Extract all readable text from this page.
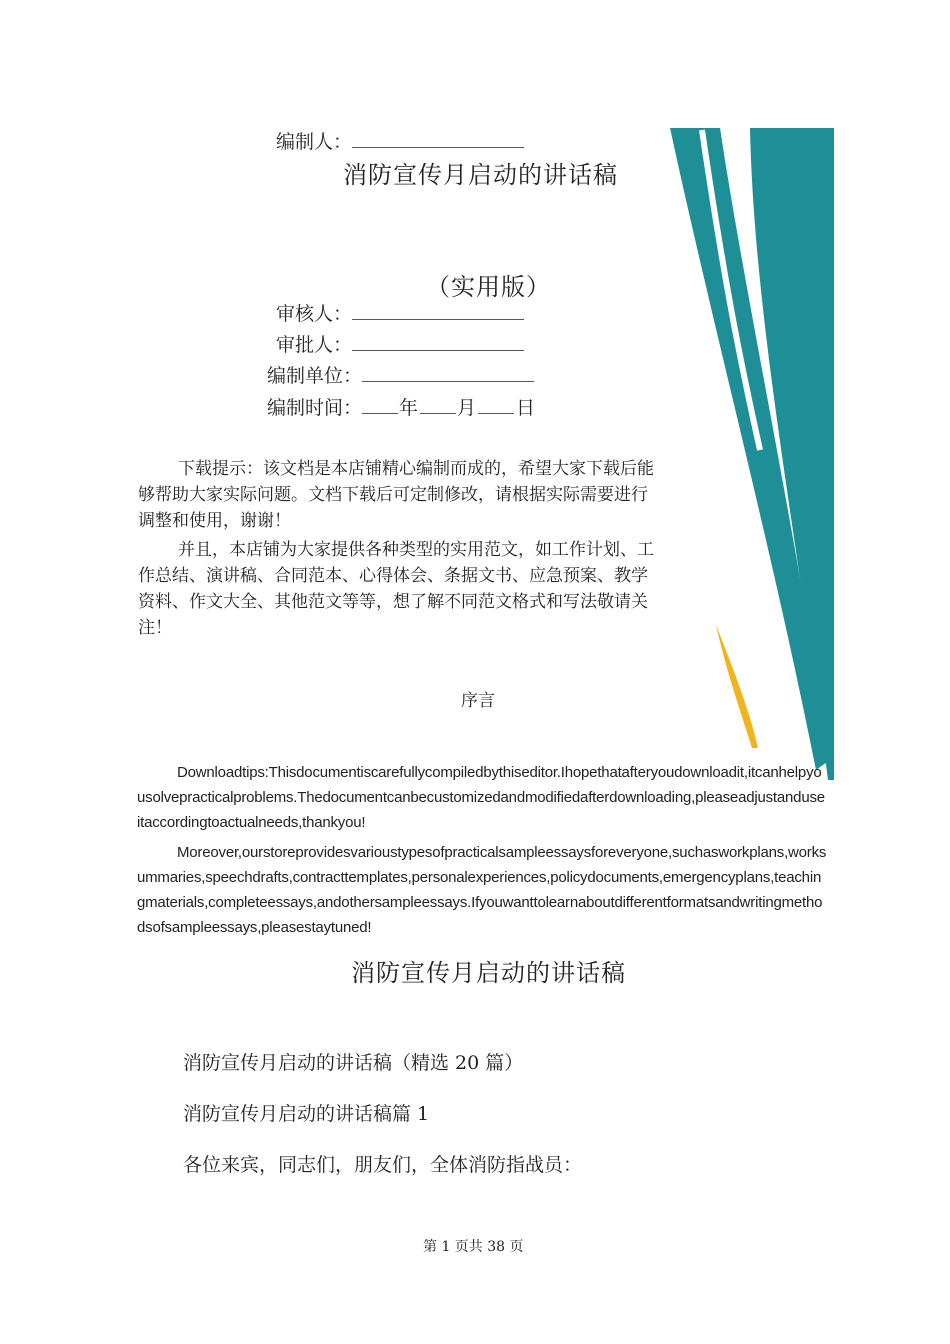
编制人：
消防宣传月启动的讲话稿
（实用版）
审核人：
审批人：
编制单位：
编制时间： 年 月 日
下载提示：该文档是本店铺精心编制而成的，希望大家下载后能够帮助大家实际问题。文档下载后可定制修改，请根据实际需要进行调整和使用，谢谢！
并且，本店铺为大家提供各种类型的实用范文，如工作计划、工作总结、演讲稿、合同范本、心得体会、条据文书、应急预案、教学资料、作文大全、其他范文等等，想了解不同范文格式和写法敬请关注！
序言
Downloadtips:Thisdocumentiscarefullycompiledbythiseditor.Ihopethatafteryoudownloadit,itcanhelpyousolvepracticalproblems.Thedocumentcanbecustomizedandmodifiedafterdownloading,pleaseadjustanduseitaccordingtoactualneeds,thankyou!
Moreover,ourstoreprovidesvarioustypesofpracticalsampleessaysforeveryone,suchasworkplans,worksummaries,speechdrafts,contracttemplates,personalexperiences,policydocuments,emergencyplans,teachingmaterials,completeessays,andothersampleessays.Ifyouwanttolearnaboutdifferentformatsandwritingmethodsofsampleessays,pleasestaytuned!
消防宣传月启动的讲话稿
消防宣传月启动的讲话稿（精选 20 篇）
消防宣传月启动的讲话稿篇 1
各位来宾，同志们，朋友们，全体消防指战员：
第 1 页共 38 页
